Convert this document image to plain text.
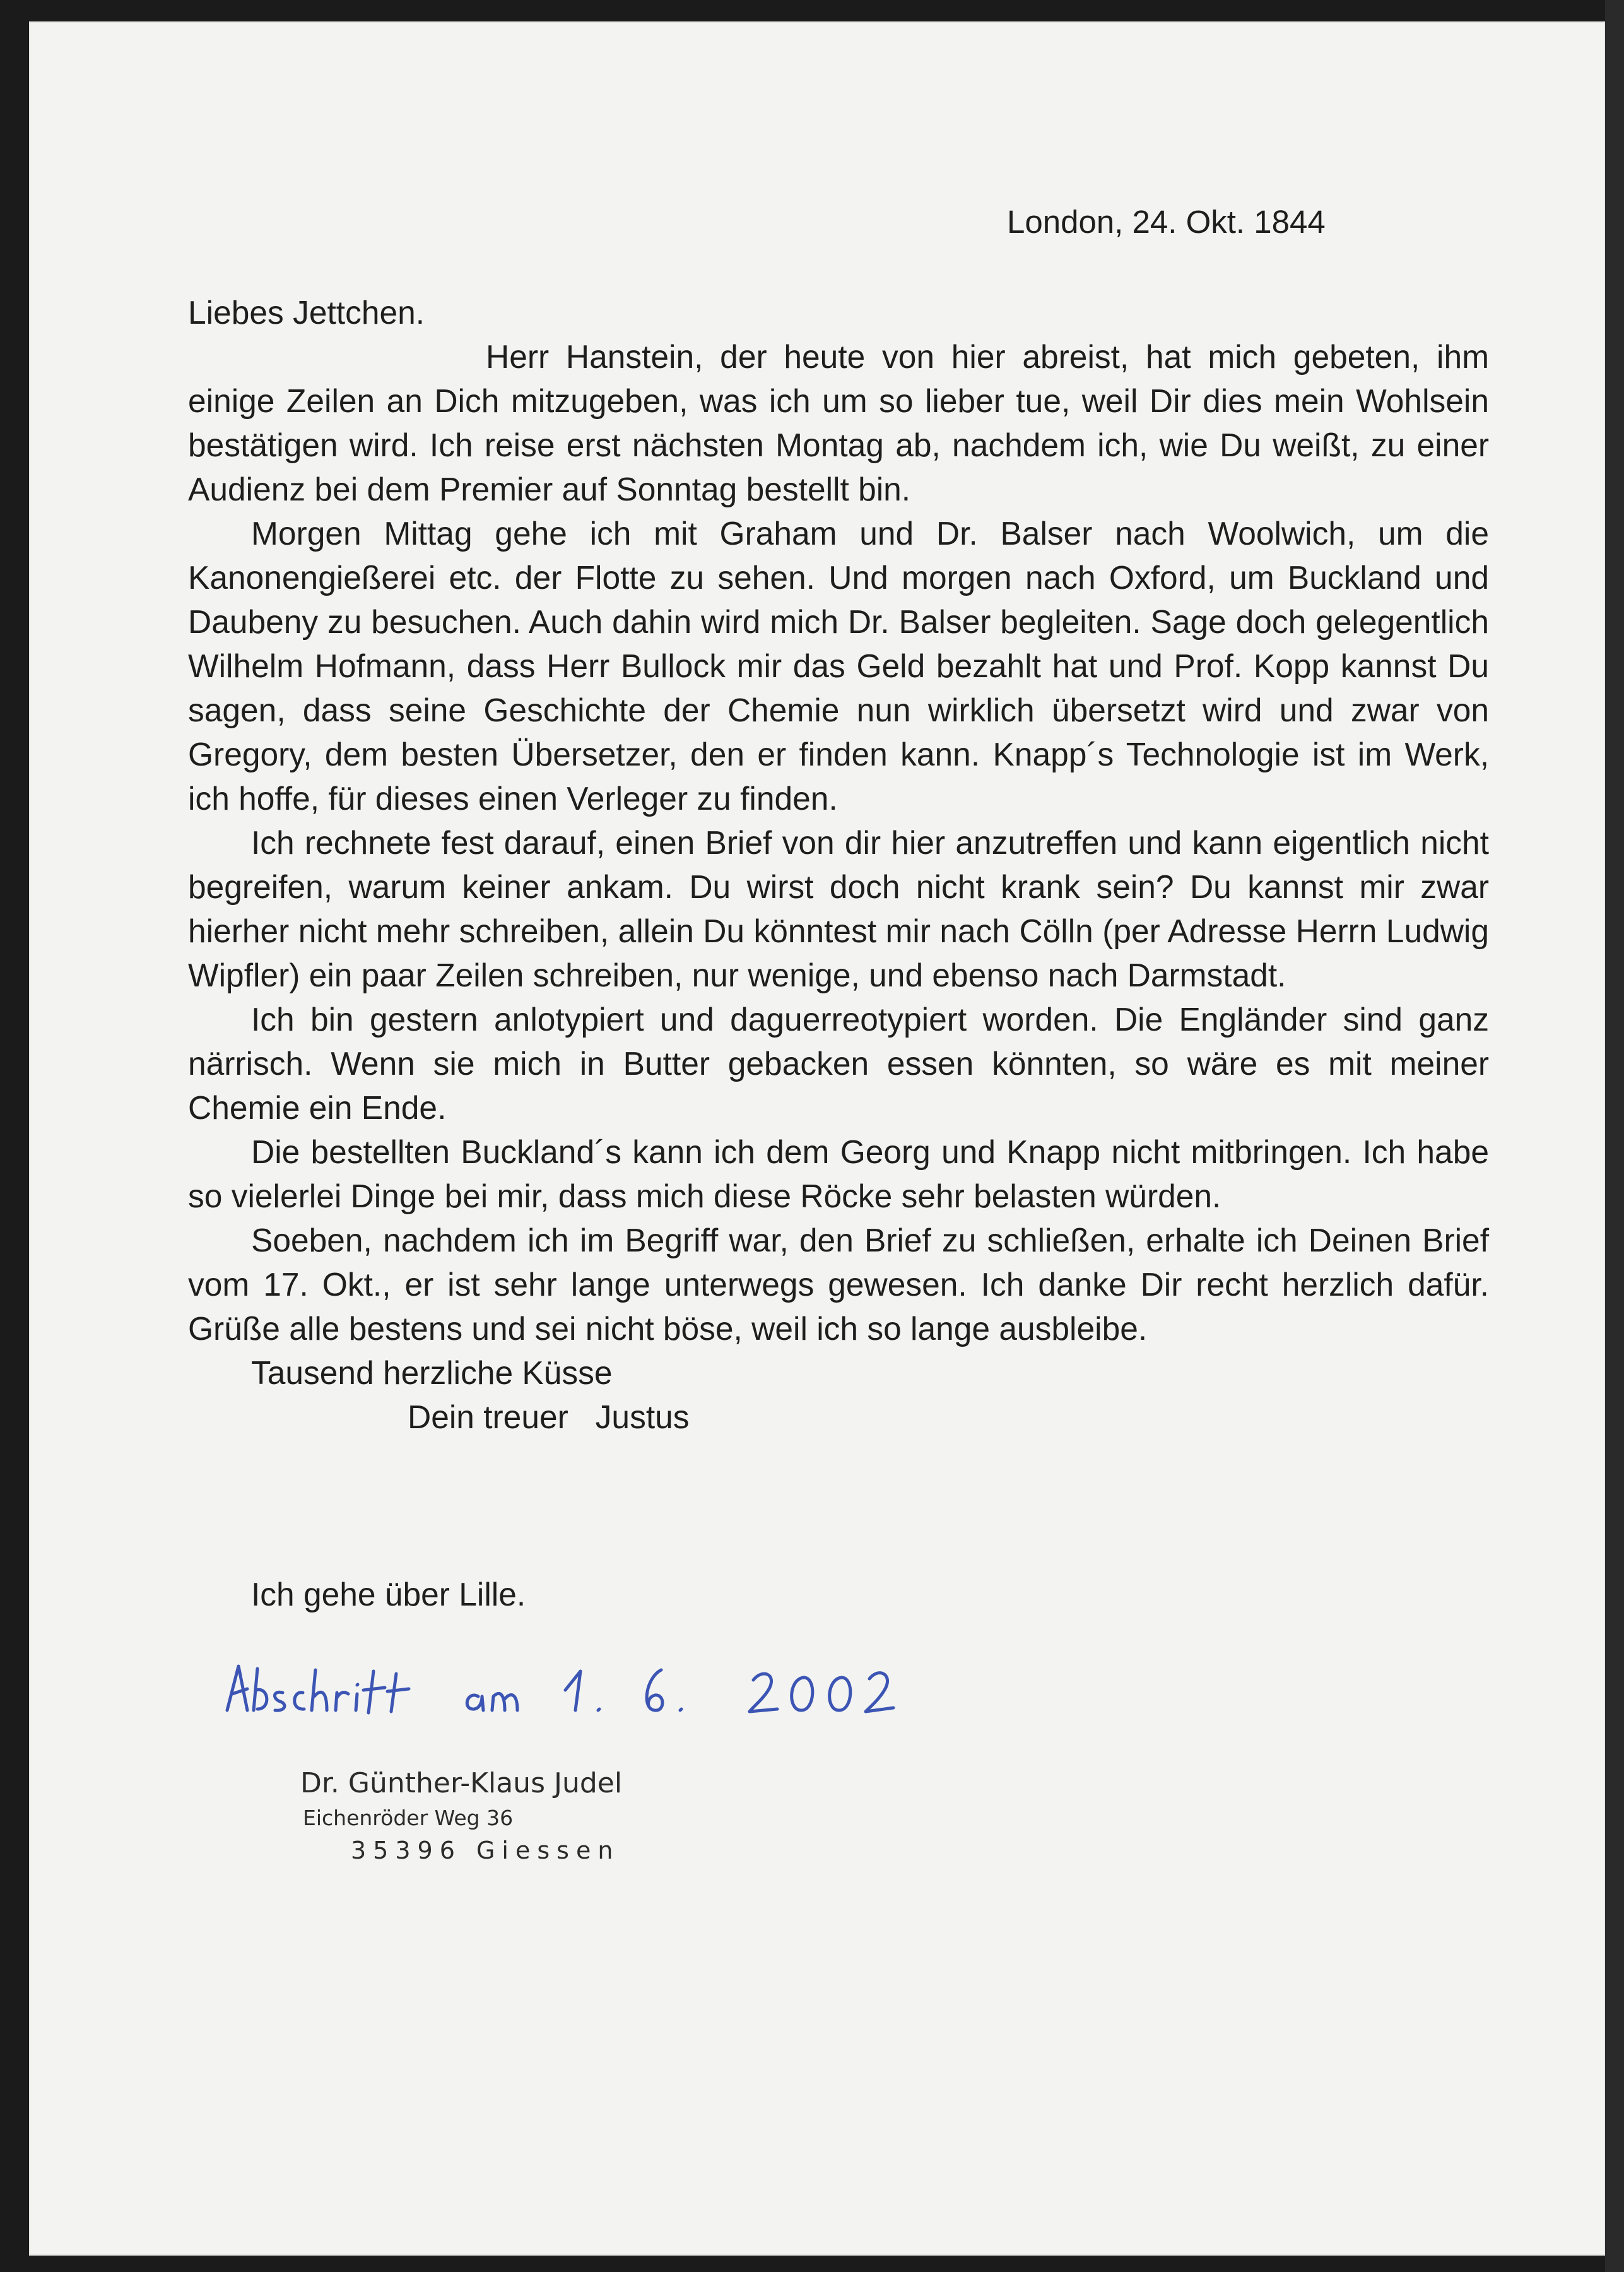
London, 24. Okt. 1844

Liebes Jettchen.

Herr Hanstein, der heute von hier abreist, hat mich gebeten, ihm einige Zeilen an Dich mitzugeben, was ich um so lieber tue, weil Dir dies mein Wohlsein bestätigen wird. Ich reise erst nächsten Montag ab, nachdem ich, wie Du weißt, zu einer Audienz bei dem Premier auf Sonntag bestellt bin.

Morgen Mittag gehe ich mit Graham und Dr. Balser nach Woolwich, um die Kanonengießerei etc. der Flotte zu sehen. Und morgen nach Oxford, um Buckland und Daubeny zu besuchen. Auch dahin wird mich Dr. Balser begleiten. Sage doch gelegentlich Wilhelm Hofmann, dass Herr Bullock mir das Geld bezahlt hat und Prof. Kopp kannst Du sagen, dass seine Geschichte der Chemie nun wirklich übersetzt wird und zwar von Gregory, dem besten Übersetzer, den er finden kann. Knapp´s Technologie ist im Werk, ich hoffe, für dieses einen Verleger zu finden.

Ich rechnete fest darauf, einen Brief von dir hier anzutreffen und kann eigentlich nicht begreifen, warum keiner ankam. Du wirst doch nicht krank sein? Du kannst mir zwar hierher nicht mehr schreiben, allein Du könntest mir nach Cölln (per Adresse Herrn Ludwig Wipfler) ein paar Zeilen schreiben, nur wenige, und ebenso nach Darmstadt.

Ich bin gestern anlotypiert und daguerreotypiert worden. Die Engländer sind ganz närrisch. Wenn sie mich in Butter gebacken essen könnten, so wäre es mit meiner Chemie ein Ende.

Die bestellten Buckland´s kann ich dem Georg und Knapp nicht mitbringen. Ich habe so vielerlei Dinge bei mir, dass mich diese Röcke sehr belasten würden.

Soeben, nachdem ich im Begriff war, den Brief zu schließen, erhalte ich Deinen Brief vom 17. Okt., er ist sehr lange unterwegs gewesen. Ich danke Dir recht herzlich dafür. Grüße alle bestens und sei nicht böse, weil ich so lange ausbleibe.

Tausend herzliche Küsse

Dein treuer   Justus

Ich gehe über Lille.
Dr. Günther-Klaus Judel
Eichenröder Weg 36
35396 Giessen
